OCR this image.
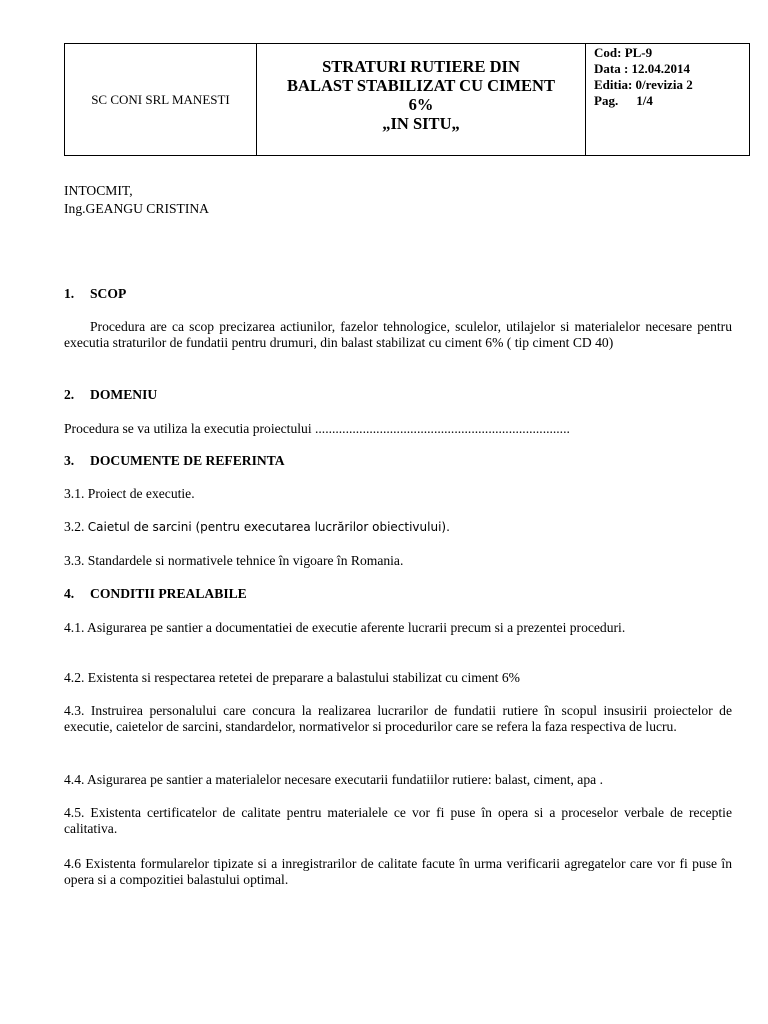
SC CONI SRL MANESTI
STRATURI RUTIERE DIN
BALAST STABILIZAT CU CIMENT
6%
„IN SITU„
Cod: PL-9
Data : 12.04.2014
Editia: 0/revizia 2
Pag. 1/4
INTOCMIT,
Ing.GEANGU CRISTINA
1. SCOP
Procedura are ca scop precizarea actiunilor, fazelor tehnologice, sculelor, utilajelor si materialelor necesare pentru executia straturilor de fundatii pentru drumuri, din balast stabilizat cu ciment 6% ( tip ciment CD 40)
2. DOMENIU
Procedura se va utiliza la executia proiectului ...........................................................................
3. DOCUMENTE DE REFERINTA
3.1. Proiect de executie.
3.2. Caietul de sarcini (pentru executarea lucrărilor obiectivului).
3.3. Standardele si normativele tehnice în vigoare în Romania.
4. CONDITII PREALABILE
4.1. Asigurarea pe santier a documentatiei de executie aferente lucrarii precum si a prezentei proceduri.
4.2. Existenta si respectarea retetei de preparare a balastului stabilizat cu ciment 6%
4.3. Instruirea personalului care concura la realizarea lucrarilor de fundatii rutiere în scopul insusirii proiectelor de executie, caietelor de sarcini, standardelor, normativelor si procedurilor care se refera la faza respectiva de lucru.
4.4. Asigurarea pe santier a materialelor necesare executarii fundatiilor rutiere: balast, ciment, apa .
4.5. Existenta certificatelor de calitate pentru materialele ce vor fi puse în opera si a proceselor verbale de receptie calitativa.
4.6 Existenta formularelor tipizate si a inregistrarilor de calitate facute în urma verificarii agregatelor care vor fi puse în opera si a compozitiei balastului optimal.
